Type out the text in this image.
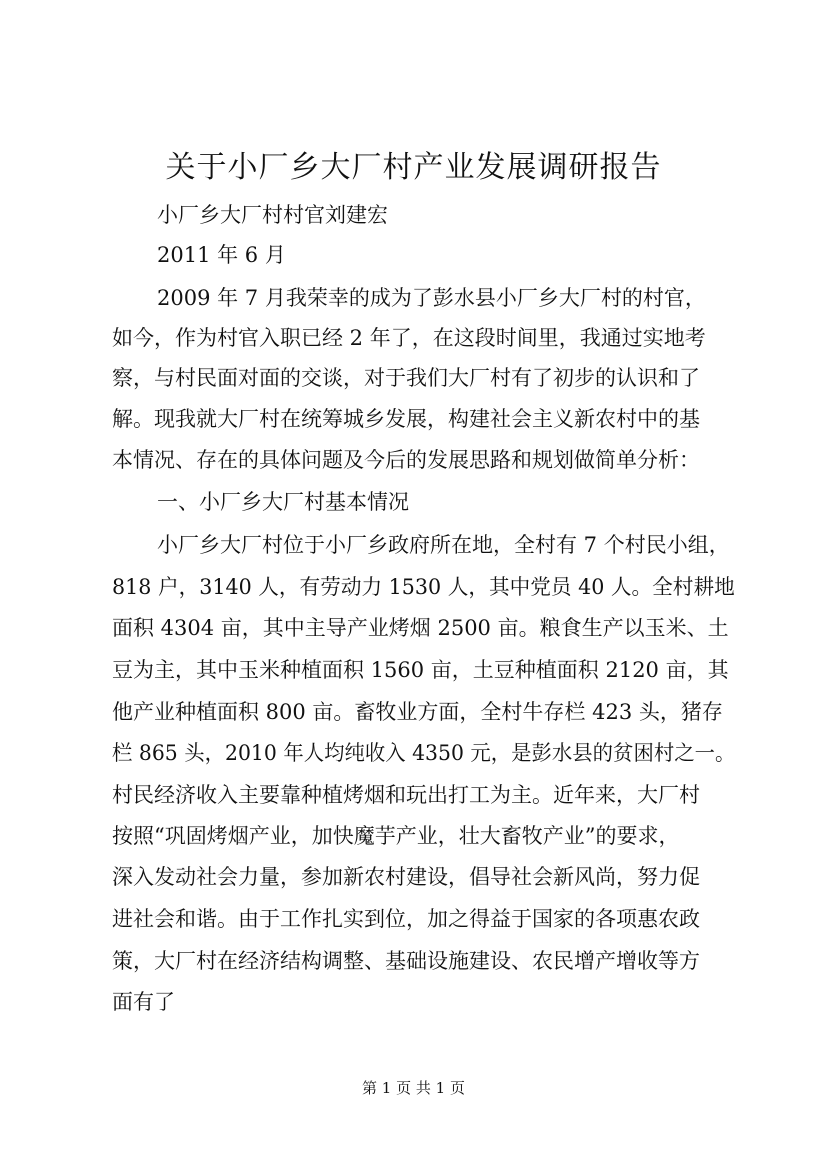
关于小厂乡大厂村产业发展调研报告
小厂乡大厂村村官刘建宏
2011 年 6 月
2009 年 7 月我荣幸的成为了彭水县小厂乡大厂村的村官，
如今，作为村官入职已经 2 年了，在这段时间里，我通过实地考
察，与村民面对面的交谈，对于我们大厂村有了初步的认识和了
解。现我就大厂村在统筹城乡发展，构建社会主义新农村中的基
本情况、存在的具体问题及今后的发展思路和规划做简单分析：
一、小厂乡大厂村基本情况
小厂乡大厂村位于小厂乡政府所在地，全村有 7 个村民小组，
818 户，3140 人，有劳动力 1530 人，其中党员 40 人。全村耕地
面积 4304 亩，其中主导产业烤烟 2500 亩。粮食生产以玉米、土
豆为主，其中玉米种植面积 1560 亩，土豆种植面积 2120 亩，其
他产业种植面积 800 亩。畜牧业方面，全村牛存栏 423 头，猪存
栏 865 头，2010 年人均纯收入 4350 元，是彭水县的贫困村之一。
村民经济收入主要靠种植烤烟和玩出打工为主。近年来，大厂村
按照“巩固烤烟产业，加快魔芋产业，壮大畜牧产业”的要求，
深入发动社会力量，参加新农村建设，倡导社会新风尚，努力促
进社会和谐。由于工作扎实到位，加之得益于国家的各项惠农政
策，大厂村在经济结构调整、基础设施建设、农民增产增收等方
面有了
第 1 页 共 1 页
